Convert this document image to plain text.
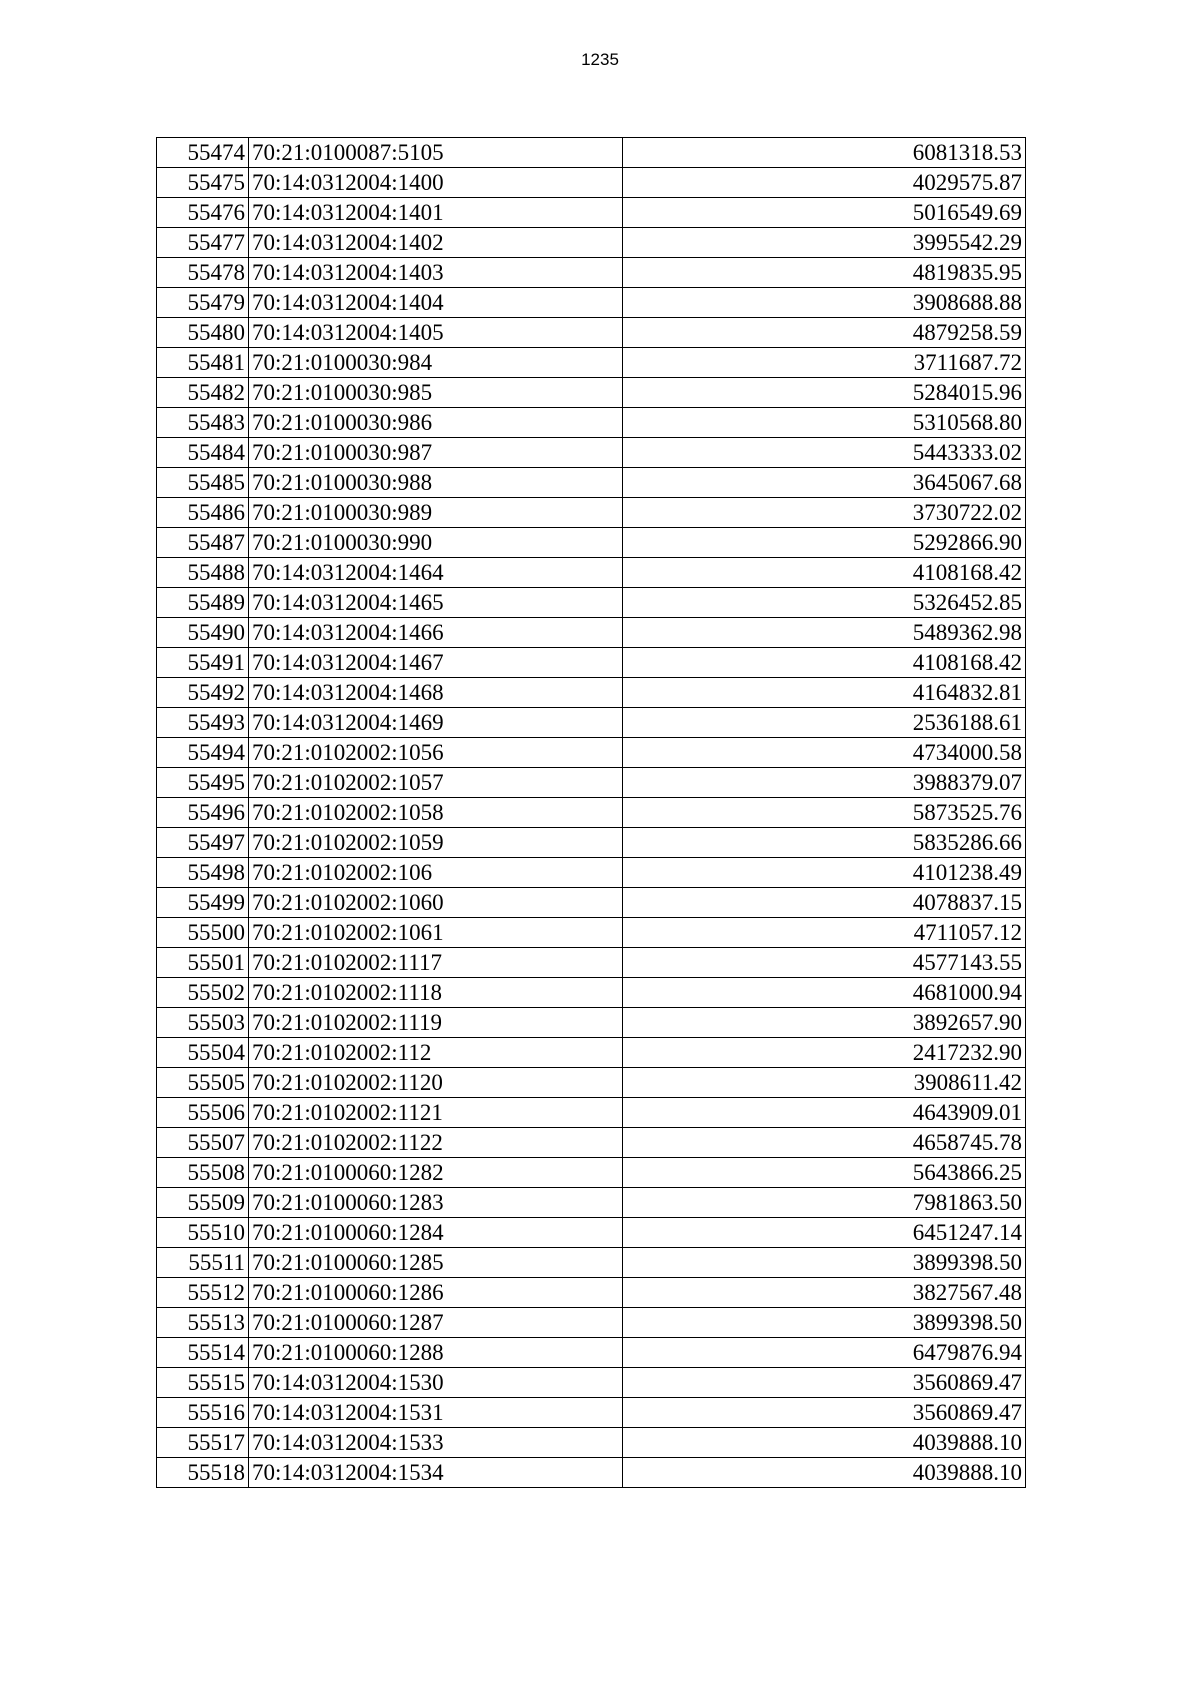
1235
55474	70:21:0100087:5105	6081318.53
55475	70:14:0312004:1400	4029575.87
55476	70:14:0312004:1401	5016549.69
55477	70:14:0312004:1402	3995542.29
55478	70:14:0312004:1403	4819835.95
55479	70:14:0312004:1404	3908688.88
55480	70:14:0312004:1405	4879258.59
55481	70:21:0100030:984	3711687.72
55482	70:21:0100030:985	5284015.96
55483	70:21:0100030:986	5310568.80
55484	70:21:0100030:987	5443333.02
55485	70:21:0100030:988	3645067.68
55486	70:21:0100030:989	3730722.02
55487	70:21:0100030:990	5292866.90
55488	70:14:0312004:1464	4108168.42
55489	70:14:0312004:1465	5326452.85
55490	70:14:0312004:1466	5489362.98
55491	70:14:0312004:1467	4108168.42
55492	70:14:0312004:1468	4164832.81
55493	70:14:0312004:1469	2536188.61
55494	70:21:0102002:1056	4734000.58
55495	70:21:0102002:1057	3988379.07
55496	70:21:0102002:1058	5873525.76
55497	70:21:0102002:1059	5835286.66
55498	70:21:0102002:106	4101238.49
55499	70:21:0102002:1060	4078837.15
55500	70:21:0102002:1061	4711057.12
55501	70:21:0102002:1117	4577143.55
55502	70:21:0102002:1118	4681000.94
55503	70:21:0102002:1119	3892657.90
55504	70:21:0102002:112	2417232.90
55505	70:21:0102002:1120	3908611.42
55506	70:21:0102002:1121	4643909.01
55507	70:21:0102002:1122	4658745.78
55508	70:21:0100060:1282	5643866.25
55509	70:21:0100060:1283	7981863.50
55510	70:21:0100060:1284	6451247.14
55511	70:21:0100060:1285	3899398.50
55512	70:21:0100060:1286	3827567.48
55513	70:21:0100060:1287	3899398.50
55514	70:21:0100060:1288	6479876.94
55515	70:14:0312004:1530	3560869.47
55516	70:14:0312004:1531	3560869.47
55517	70:14:0312004:1533	4039888.10
55518	70:14:0312004:1534	4039888.10
